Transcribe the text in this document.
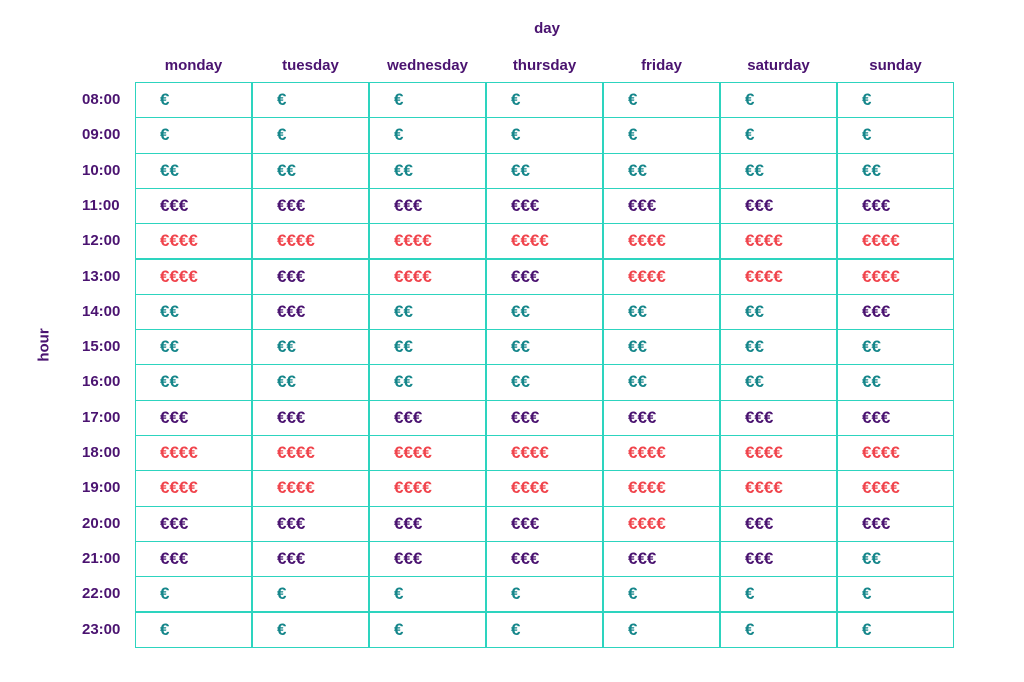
day
hour
monday	tuesday	wednesday	thursday	friday	saturday	sunday
08:00	€	€	€	€	€	€	€
09:00	€	€	€	€	€	€	€
10:00	€€	€€	€€	€€	€€	€€	€€
11:00	€€€	€€€	€€€	€€€	€€€	€€€	€€€
12:00	€€€€	€€€€	€€€€	€€€€	€€€€	€€€€	€€€€
13:00	€€€€	€€€	€€€€	€€€	€€€€	€€€€	€€€€
14:00	€€	€€€	€€	€€	€€	€€	€€€
15:00	€€	€€	€€	€€	€€	€€	€€
16:00	€€	€€	€€	€€	€€	€€	€€
17:00	€€€	€€€	€€€	€€€	€€€	€€€	€€€
18:00	€€€€	€€€€	€€€€	€€€€	€€€€	€€€€	€€€€
19:00	€€€€	€€€€	€€€€	€€€€	€€€€	€€€€	€€€€
20:00	€€€	€€€	€€€	€€€	€€€€	€€€	€€€
21:00	€€€	€€€	€€€	€€€	€€€	€€€	€€
22:00	€	€	€	€	€	€	€
23:00	€	€	€	€	€	€	€
